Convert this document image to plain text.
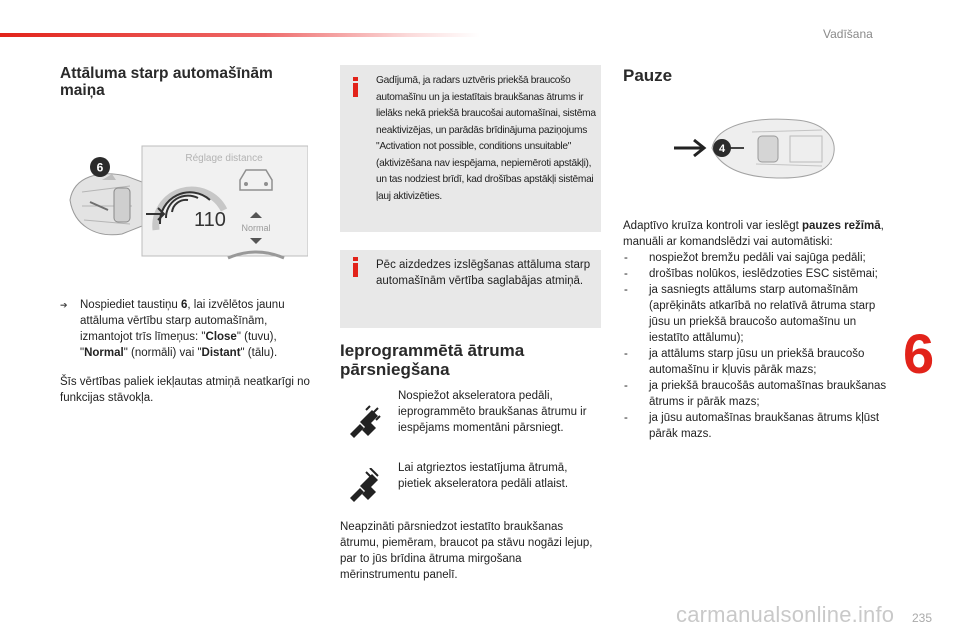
Vadīšana
Attāluma starp automašīnām
maiņa
6
Réglage distance
110 Normal
➔	Nospiediet taustiņu 6, lai izvēlētos jaunu attāluma vērtību starp automašīnām, izmantojot trīs līmeņus: "Close" (tuvu), "Normal" (normāli) vai "Distant" (tālu).
Šīs vērtības paliek iekļautas atmiņā neatkarīgi no funkcijas stāvokļa.
Gadījumā, ja radars uztvēris priekšā braucošo automašīnu un ja iestatītais braukšanas ātrums ir lielāks nekā priekšā braucošai automašīnai, sistēma neaktivizējas, un parādās brīdinājuma paziņojums "Activation not possible, conditions unsuitable" (aktivizēšana nav iespējama, nepiemēroti apstākļi), un tas nodziest brīdī, kad drošības apstākļi sistēmai ļauj aktivizēties.
Pēc aizdedzes izslēgšanas attāluma starp automašīnām vērtība saglabājas atmiņā.
Ieprogrammētā ātruma
pārsniegšana
Nospiežot akseleratora pedāli, ieprogrammēto braukšanas ātrumu ir iespējams momentāni pārsniegt.
Lai atgrieztos iestatījuma ātrumā, pietiek akseleratora pedāli atlaist.
Neapzināti pārsniedzot iestatīto braukšanas ātrumu, piemēram, braucot pa stāvu nogāzi lejup, par to jūs brīdina ātruma mirgošana mērinstrumentu panelī.
Pauze
4
Adaptīvo kruīza kontroli var ieslēgt pauzes režīmā, manuāli ar komandslēdzi vai automātiski:
- nospiežot bremžu pedāli vai sajūga pedāli;
- drošības nolūkos, ieslēdzoties ESC sistēmai;
- ja sasniegts attālums starp automašīnām (aprēķināts atkarībā no relatīvā ātruma starp jūsu un priekšā braucošo automašīnu un iestatīto attālumu);
- ja attālums starp jūsu un priekšā braucošo automašīnu ir kļuvis pārāk mazs;
- ja priekšā braucošās automašīnas braukšanas ātrums ir pārāk mazs;
- ja jūsu automašīnas braukšanas ātrums kļūst pārāk mazs.
6
carmanualsonline.info 235
